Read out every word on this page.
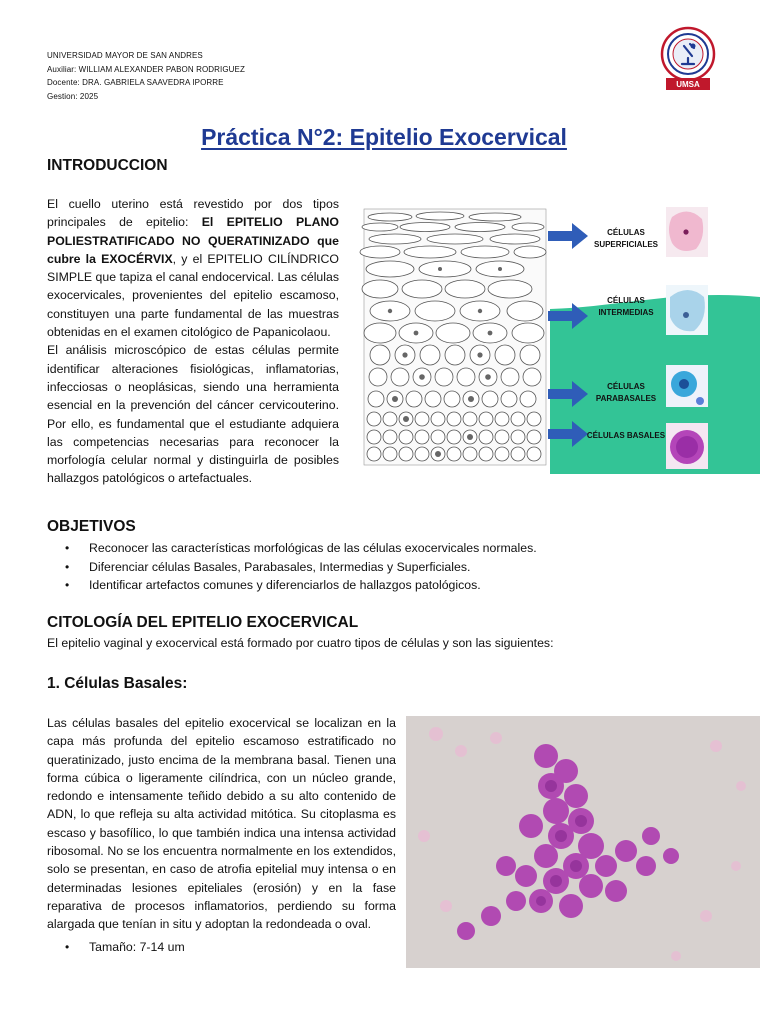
UNIVERSIDAD MAYOR DE SAN ANDRES
Auxiliar: WILLIAM ALEXANDER PABON RODRIGUEZ
Docente: DRA. GABRIELA SAAVEDRA IPORRE
Gestion: 2025
UMSA
Práctica N°2: Epitelio Exocervical
INTRODUCCION
El cuello uterino está revestido por dos tipos principales de epitelio: El EPITELIO PLANO POLIESTRATIFICADO NO QUERATINIZADO que cubre la EXOCÉRVIX, y el EPITELIO CILÍNDRICO SIMPLE que tapiza el canal endocervical. Las células exocervicales, provenientes del epitelio escamoso, constituyen una parte fundamental de las muestras obtenidas en el examen citológico de Papanicolaou.
El análisis microscópico de estas células permite identificar alteraciones fisiológicas, inflamatorias, infecciosas o neoplásicas, siendo una herramienta esencial en la prevención del cáncer cervicouterino. Por ello, es fundamental que el estudiante adquiera las competencias necesarias para reconocer la morfología celular normal y distinguirla de posibles hallazgos patológicos o artefactuales.
CÉLULAS
SUPERFICIALES
CÉLULAS
INTERMEDIAS
CÉLULAS
PARABASALES
CÉLULAS BASALES
OBJETIVOS
• Reconocer las características morfológicas de las células exocervicales normales.
• Diferenciar células Basales, Parabasales, Intermedias y Superficiales.
• Identificar artefactos comunes y diferenciarlos de hallazgos patológicos.
CITOLOGÍA DEL EPITELIO EXOCERVICAL
El epitelio vaginal y exocervical está formado por cuatro tipos de células y son las siguientes:
1. Células Basales:
Las células basales del epitelio exocervical se localizan en la capa más profunda del epitelio escamoso estratificado no queratinizado, justo encima de la membrana basal. Tienen una forma cúbica o ligeramente cilíndrica, con un núcleo grande, redondo e intensamente teñido debido a su alto contenido de ADN, lo que refleja su alta actividad mitótica. Su citoplasma es escaso y basofílico, lo que también indica una intensa actividad ribosomal. No se los encuentra normalmente en los extendidos, solo se presentan, en caso de atrofia epitelial muy intensa o en determinadas lesiones epiteliales (erosión) y en la fase reparativa de procesos inflamatorios, perdiendo su forma alargada que tenían in situ y adoptan la redondeada o oval.
• Tamaño: 7-14 um
